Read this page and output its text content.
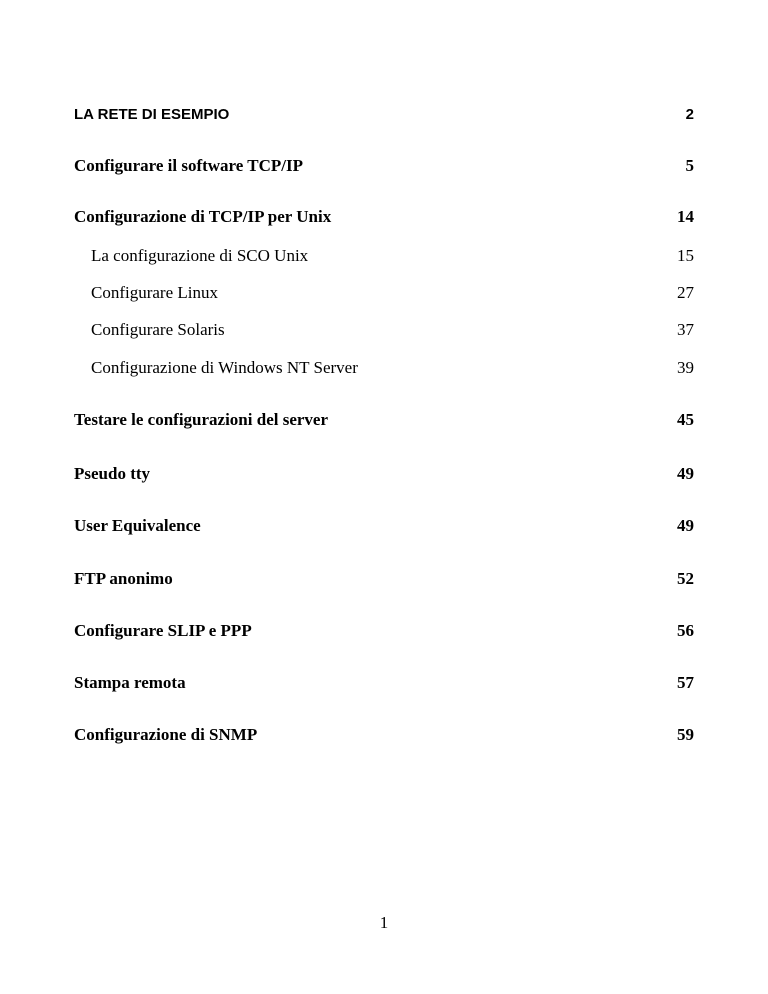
LA RETE DI ESEMPIO	2
Configurare il software TCP/IP	5
Configurazione di TCP/IP per Unix	14
La configurazione di SCO Unix	15
Configurare Linux	27
Configurare Solaris	37
Configurazione di Windows NT Server	39
Testare le configurazioni del server	45
Pseudo tty	49
User Equivalence	49
FTP anonimo	52
Configurare SLIP e PPP	56
Stampa remota	57
Configurazione di SNMP	59
1
